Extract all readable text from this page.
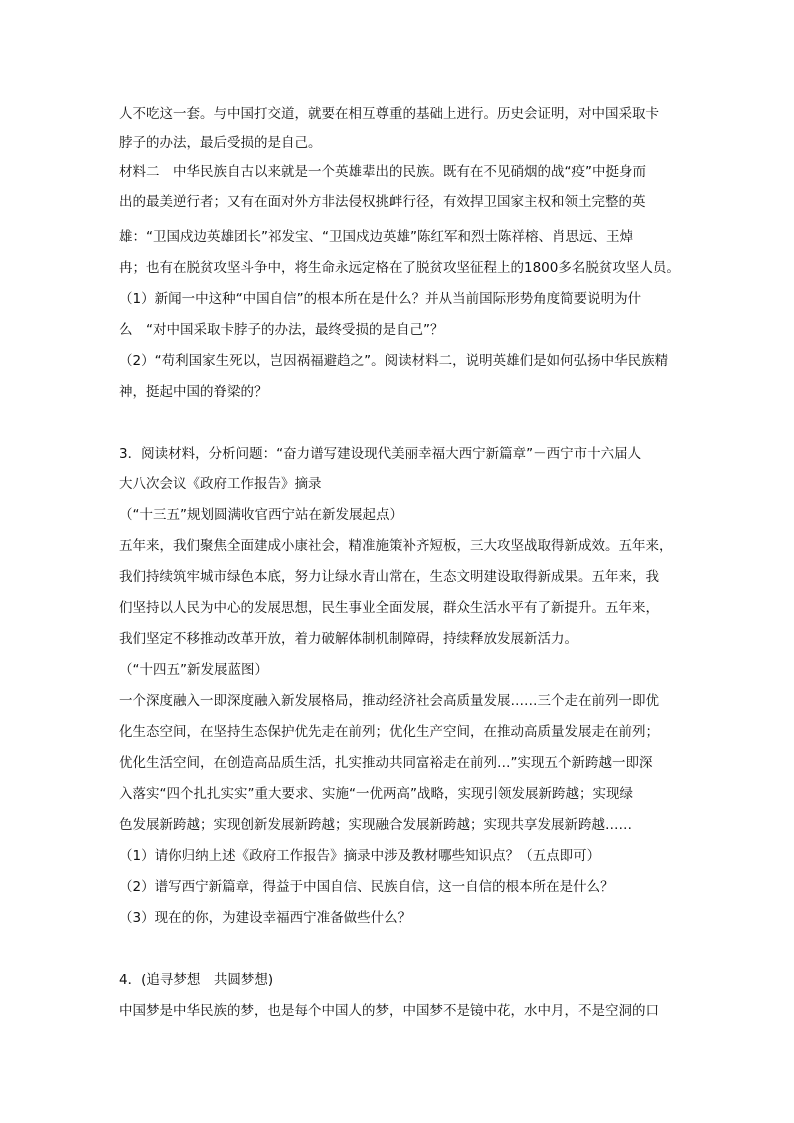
人不吃这一套。与中国打交道，就要在相互尊重的基础上进行。历史会证明，对中国采取卡
脖子的办法，最后受损的是自己。
材料二　中华民族自古以来就是一个英雄辈出的民族。既有在不见硝烟的战“疫”中挺身而
出的最美逆行者；又有在面对外方非法侵权挑衅行径，有效捍卫国家主权和领土完整的英
雄：“卫国戍边英雄团长”祁发宝、“卫国戍边英雄”陈红军和烈士陈祥榕、肖思远、王焯
冉；也有在脱贫攻坚斗争中，将生命永远定格在了脱贫攻坚征程上的1800多名脱贫攻坚人员。
（1）新闻一中这种“中国自信”的根本所在是什么？并从当前国际形势角度简要说明为什
么　“对中国采取卡脖子的办法，最终受损的是自己”？
（2）“苟利国家生死以，岂因祸福避趋之”。阅读材料二，说明英雄们是如何弘扬中华民族精
神，挺起中国的脊梁的？
3．阅读材料，分析问题：“奋力谱写建设现代美丽幸福大西宁新篇章”－西宁市十六届人
大八次会议《政府工作报告》摘录
（“十三五”规划圆满收官西宁站在新发展起点）
五年来，我们聚焦全面建成小康社会，精准施策补齐短板，三大攻坚战取得新成效。五年来，
我们持续筑牢城市绿色本底，努力让绿水青山常在，生态文明建设取得新成果。五年来，我
们坚持以人民为中心的发展思想，民生事业全面发展，群众生活水平有了新提升。五年来，
我们坚定不移推动改革开放，着力破解体制机制障碍，持续释放发展新活力。
（“十四五”新发展蓝图）
一个深度融入一即深度融入新发展格局，推动经济社会高质量发展……三个走在前列一即优
化生态空间，在坚持生态保护优先走在前列；优化生产空间，在推动高质量发展走在前列；
优化生活空间，在创造高品质生活，扎实推动共同富裕走在前列…”实现五个新跨越一即深
入落实“四个扎扎实实”重大要求、实施“一优两高”战略，实现引领发展新跨越；实现绿
色发展新跨越；实现创新发展新跨越；实现融合发展新跨越；实现共享发展新跨越……
（1）请你归纳上述《政府工作报告》摘录中涉及教材哪些知识点？（五点即可）
（2）谱写西宁新篇章，得益于中国自信、民族自信，这一自信的根本所在是什么？
（3）现在的你，为建设幸福西宁准备做些什么？
4．(追寻梦想　共圆梦想)
中国梦是中华民族的梦，也是每个中国人的梦，中国梦不是镜中花，水中月，不是空洞的口
